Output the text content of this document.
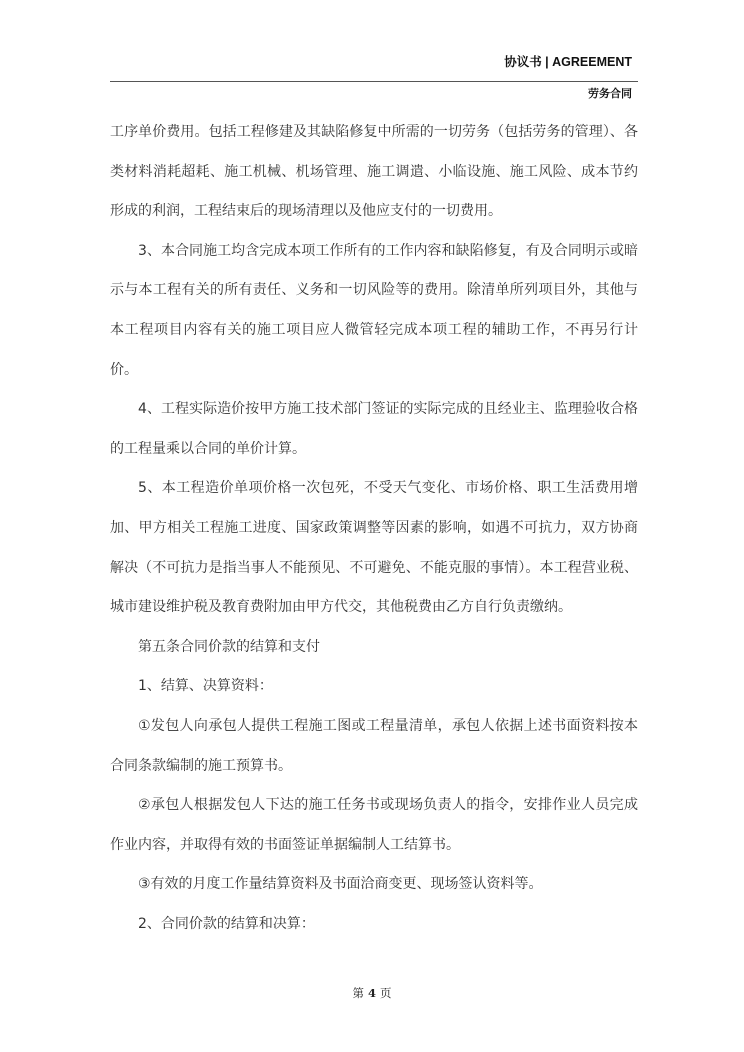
协议书 | AGREEMENT
劳务合同

工序单价费用。包括工程修建及其缺陷修复中所需的一切劳务（包括劳务的管理）、各类材料消耗超耗、施工机械、机场管理、施工调遣、小临设施、施工风险、成本节约形成的利润，工程结束后的现场清理以及他应支付的一切费用。

3、本合同施工均含完成本项工作所有的工作内容和缺陷修复，有及合同明示或暗示与本工程有关的所有责任、义务和一切风险等的费用。除清单所列项目外，其他与本工程项目内容有关的施工项目应人微管轻完成本项工程的辅助工作，不再另行计价。

4、工程实际造价按甲方施工技术部门签证的实际完成的且经业主、监理验收合格的工程量乘以合同的单价计算。

5、本工程造价单项价格一次包死，不受天气变化、市场价格、职工生活费用增加、甲方相关工程施工进度、国家政策调整等因素的影响，如遇不可抗力，双方协商解决（不可抗力是指当事人不能预见、不可避免、不能克服的事情）。本工程营业税、城市建设维护税及教育费附加由甲方代交，其他税费由乙方自行负责缴纳。

第五条合同价款的结算和支付

1、结算、决算资料：

①发包人向承包人提供工程施工图或工程量清单，承包人依据上述书面资料按本合同条款编制的施工预算书。

②承包人根据发包人下达的施工任务书或现场负责人的指令，安排作业人员完成作业内容，并取得有效的书面签证单据编制人工结算书。

③有效的月度工作量结算资料及书面洽商变更、现场签认资料等。

2、合同价款的结算和决算：

第 4 页
